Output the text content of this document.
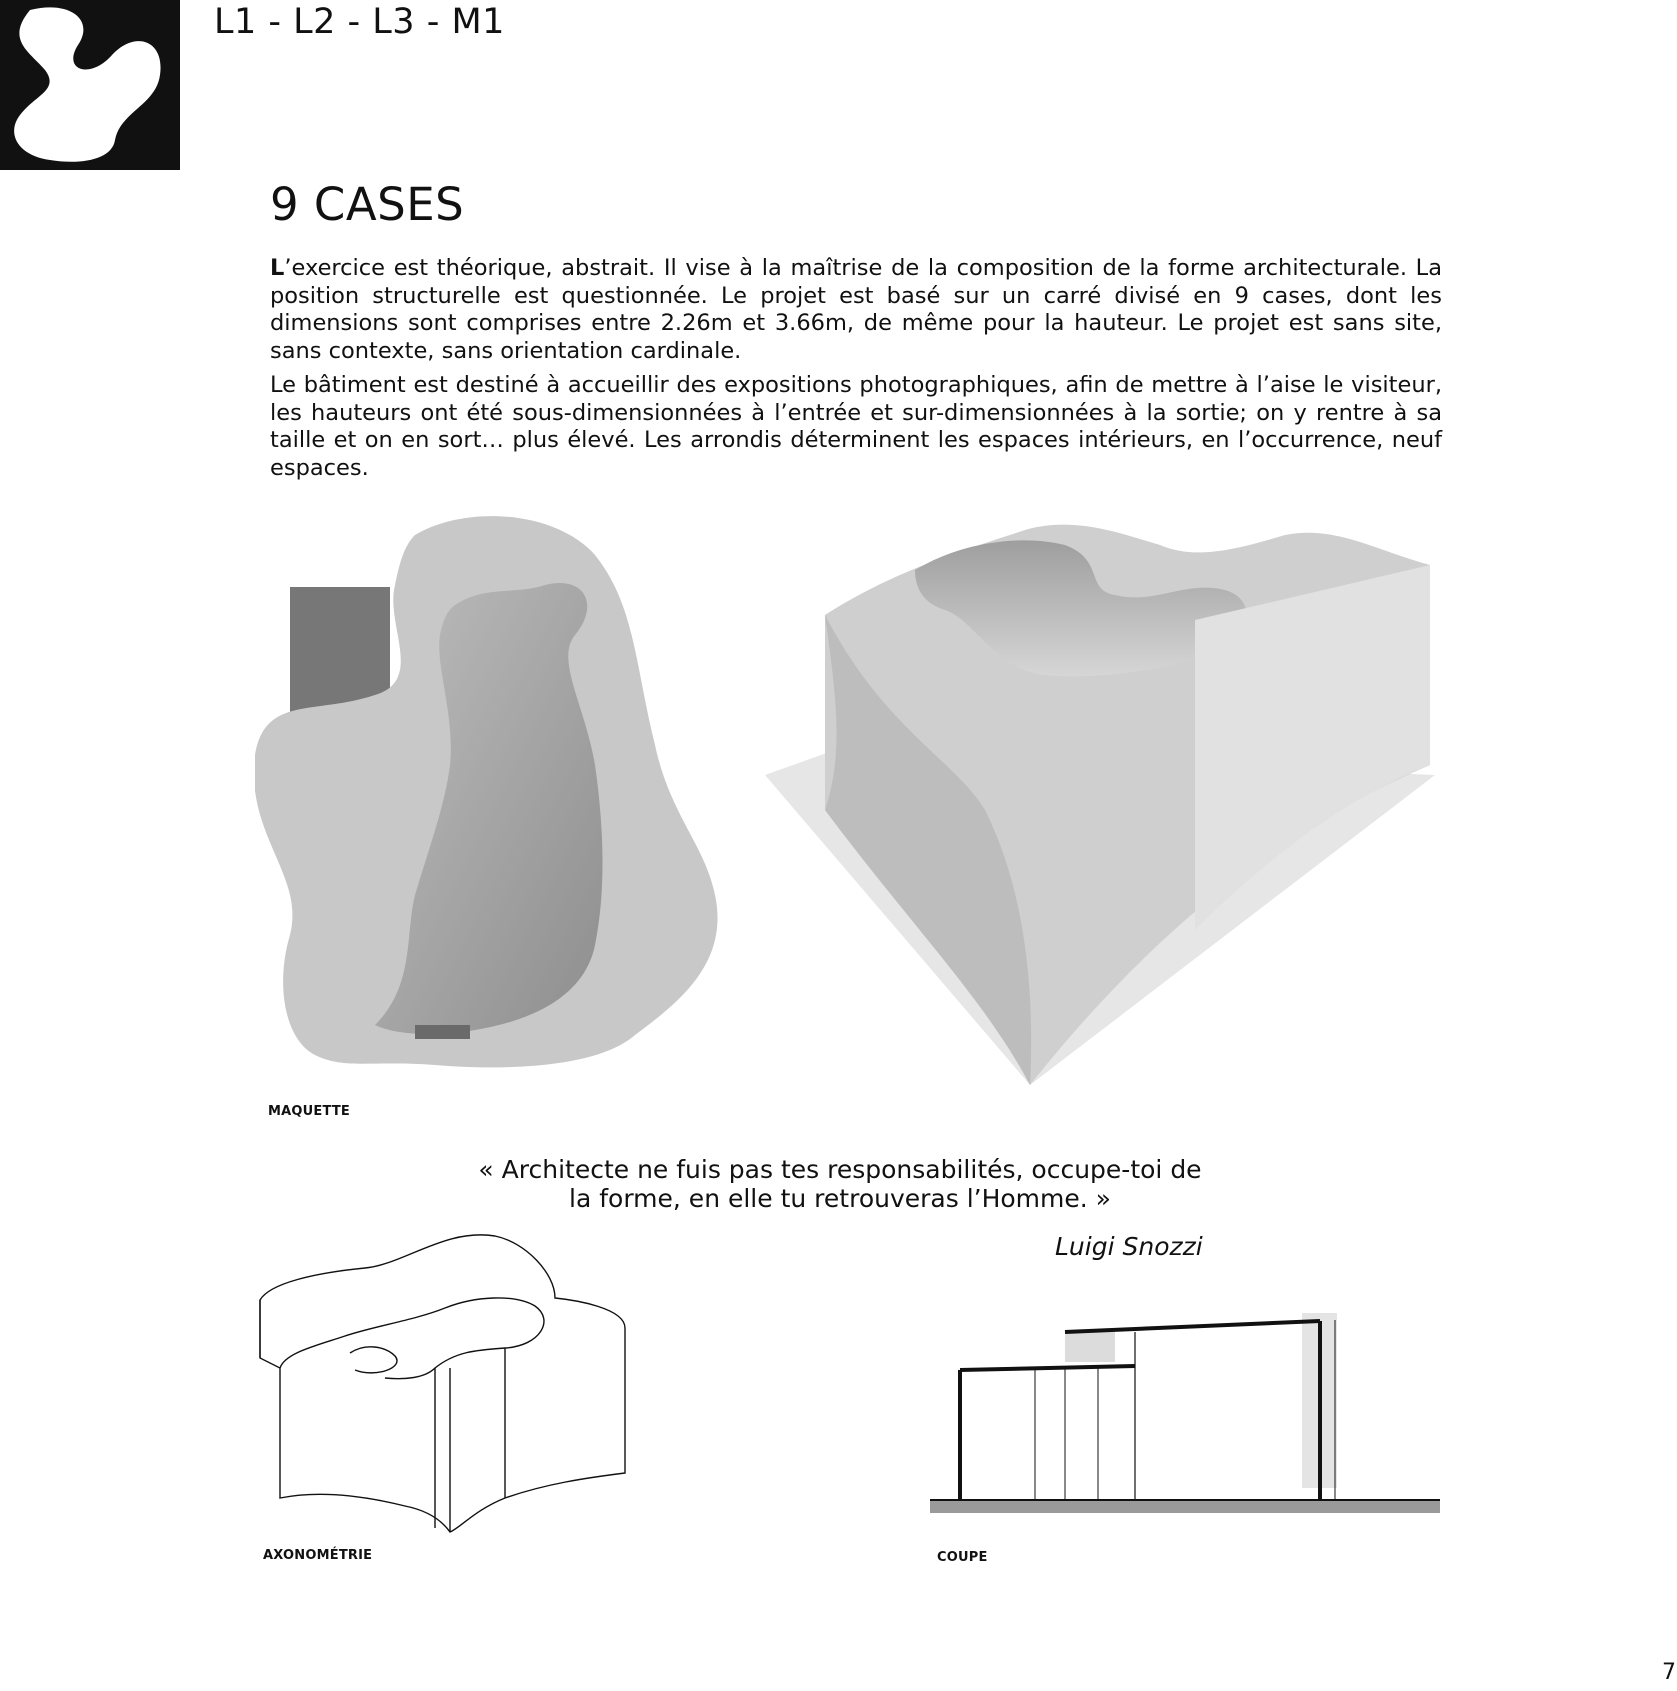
L1 - L2 - L3 - M1
9 CASES

L’exercice est théorique, abstrait. Il vise à la maîtrise de la composition de la forme architecturale. La position structurelle est questionnée. Le projet est basé sur un carré divisé en 9 cases, dont les dimensions sont comprises entre 2.26m et 3.66m, de même pour la hauteur. Le projet est sans site, sans contexte, sans orientation cardinale.

Le bâtiment est destiné à accueillir des expositions photographiques, afin de mettre à l’aise le visiteur, les hauteurs ont été sous-dimensionnées à l’entrée et sur-dimensionnées à la sortie; on y rentre à sa taille et on en sort… plus élevé. Les arrondis déterminent les espaces intérieurs, en l’occurrence, neuf espaces.

MAQUETTE
« Architecte ne fuis pas tes responsabilités, occupe-toi de
la forme, en elle tu retrouveras l’Homme. »
Luigi Snozzi
AXONOMÉTRIE	COUPE
7
